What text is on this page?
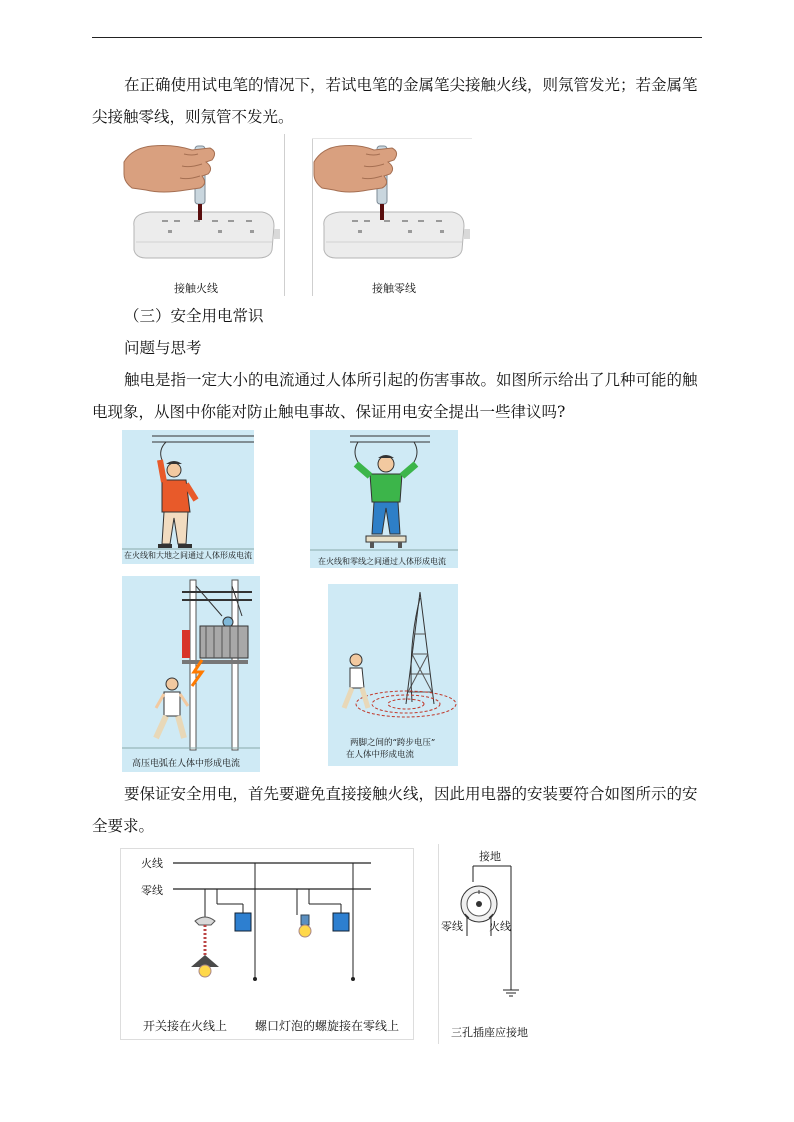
在正确使用试电笔的情况下，若试电笔的金属笔尖接触火线，则氖管发光；若金属笔尖接触零线，则氖管不发光。
接触火线	接触零线
（三）安全用电常识
问题与思考
触电是指一定大小的电流通过人体所引起的伤害事故。如图所示给出了几种可能的触电现象，从图中你能对防止触电事故、保证用电安全提出一些律议吗?
在火线和大地之间通过人体形成电流
在火线和零线之间通过人体形成电流
高压电弧在人体中形成电流
两脚之间的“跨步电压”
在人体中形成电流
要保证安全用电，首先要避免直接接触火线，因此用电器的安装要符合如图所示的安全要求。
火线
零线
开关接在火线上 螺口灯泡的螺旋接在零线上
接地
零线 火线
三孔插座应接地
